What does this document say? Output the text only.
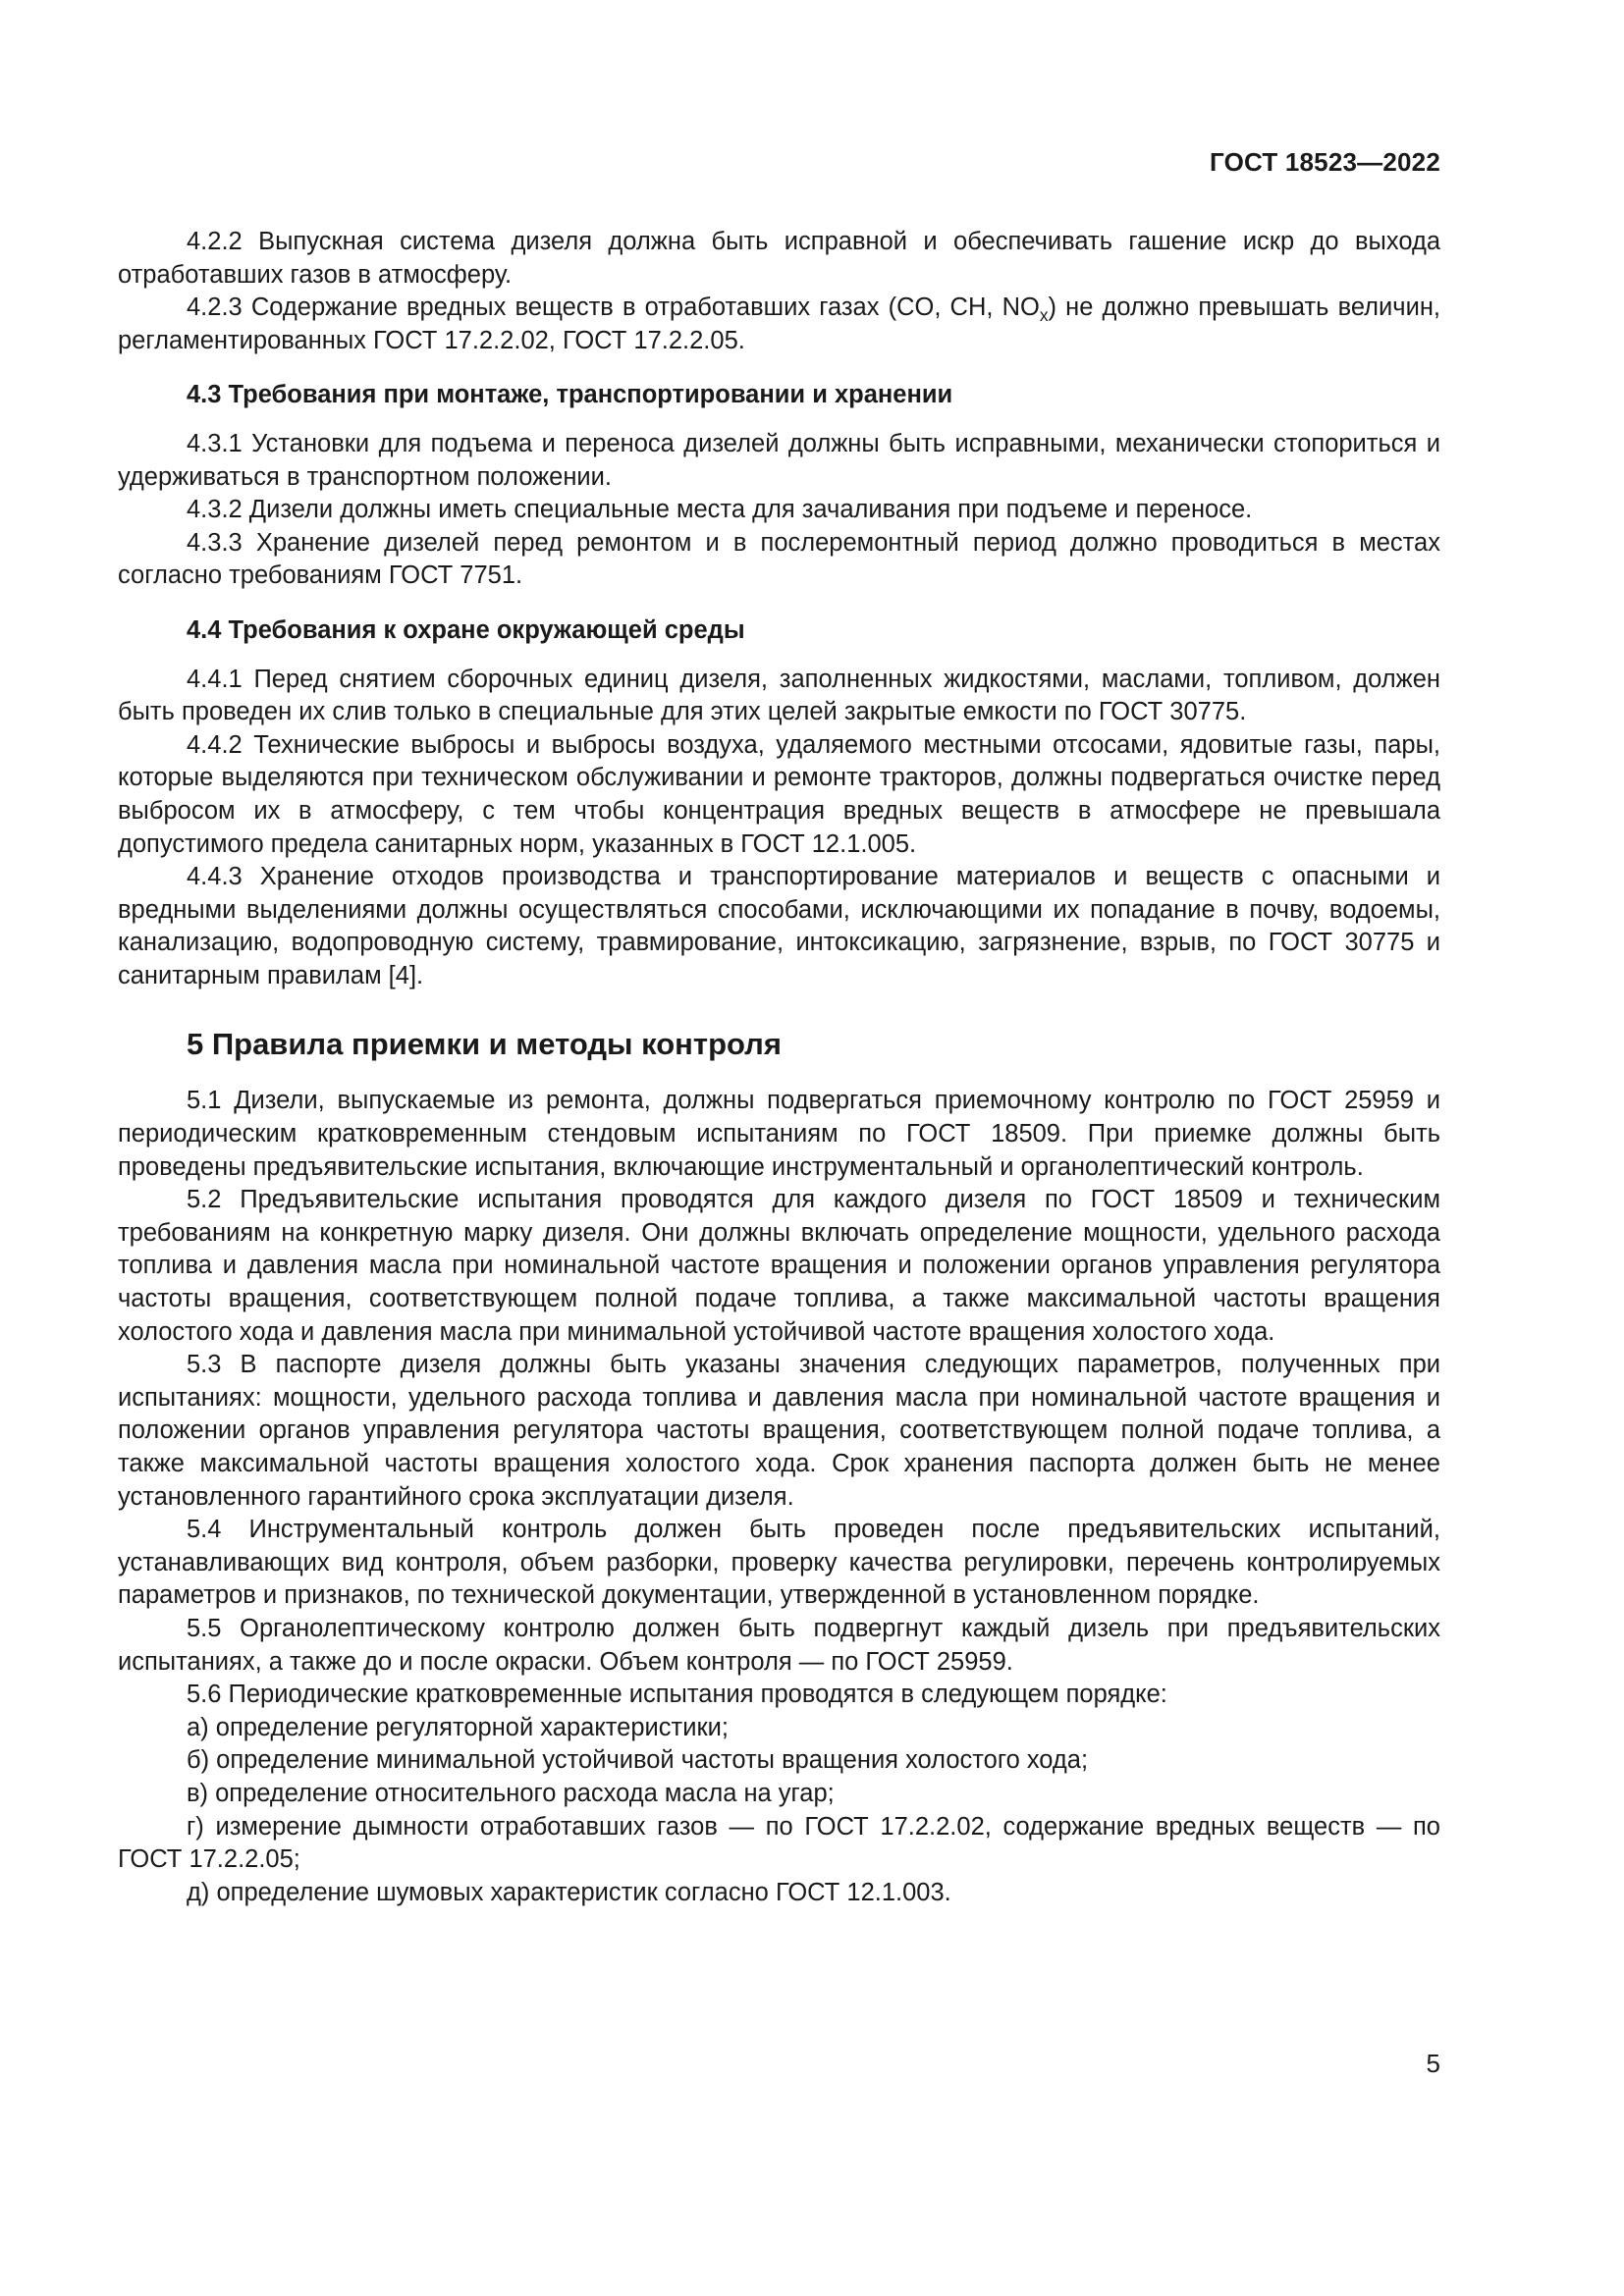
ГОСТ 18523—2022

4.2.2 Выпускная система дизеля должна быть исправной и обеспечивать гашение искр до выхода отработавших газов в атмосферу.

4.2.3 Содержание вредных веществ в отработавших газах (CO, CH, $NO_x$) не должно превышать величин, регламентированных ГОСТ 17.2.2.02, ГОСТ 17.2.2.05.

4.3 Требования при монтаже, транспортировании и хранении

4.3.1 Установки для подъема и переноса дизелей должны быть исправными, механически стопориться и удерживаться в транспортном положении.

4.3.2 Дизели должны иметь специальные места для зачаливания при подъеме и переносе.

4.3.3 Хранение дизелей перед ремонтом и в послеремонтный период должно проводиться в местах согласно требованиям ГОСТ 7751.

4.4 Требования к охране окружающей среды

4.4.1 Перед снятием сборочных единиц дизеля, заполненных жидкостями, маслами, топливом, должен быть проведен их слив только в специальные для этих целей закрытые емкости по ГОСТ 30775.

4.4.2 Технические выбросы и выбросы воздуха, удаляемого местными отсосами, ядовитые газы, пары, которые выделяются при техническом обслуживании и ремонте тракторов, должны подвергаться очистке перед выбросом их в атмосферу, с тем чтобы концентрация вредных веществ в атмосфере не превышала допустимого предела санитарных норм, указанных в ГОСТ 12.1.005.

4.4.3 Хранение отходов производства и транспортирование материалов и веществ с опасными и вредными выделениями должны осуществляться способами, исключающими их попадание в почву, водоемы, канализацию, водопроводную систему, травмирование, интоксикацию, загрязнение, взрыв, по ГОСТ 30775 и санитарным правилам [4].

5 Правила приемки и методы контроля

5.1 Дизели, выпускаемые из ремонта, должны подвергаться приемочному контролю по ГОСТ 25959 и периодическим кратковременным стендовым испытаниям по ГОСТ 18509. При приемке должны быть проведены предъявительские испытания, включающие инструментальный и органолептический контроль.

5.2 Предъявительские испытания проводятся для каждого дизеля по ГОСТ 18509 и техническим требованиям на конкретную марку дизеля. Они должны включать определение мощности, удельного расхода топлива и давления масла при номинальной частоте вращения и положении органов управления регулятора частоты вращения, соответствующем полной подаче топлива, а также максимальной частоты вращения холостого хода и давления масла при минимальной устойчивой частоте вращения холостого хода.

5.3 В паспорте дизеля должны быть указаны значения следующих параметров, полученных при испытаниях: мощности, удельного расхода топлива и давления масла при номинальной частоте вращения и положении органов управления регулятора частоты вращения, соответствующем полной подаче топлива, а также максимальной частоты вращения холостого хода. Срок хранения паспорта должен быть не менее установленного гарантийного срока эксплуатации дизеля.

5.4 Инструментальный контроль должен быть проведен после предъявительских испытаний, устанавливающих вид контроля, объем разборки, проверку качества регулировки, перечень контролируемых параметров и признаков, по технической документации, утвержденной в установленном порядке.

5.5 Органолептическому контролю должен быть подвергнут каждый дизель при предъявительских испытаниях, а также до и после окраски. Объем контроля — по ГОСТ 25959.

5.6 Периодические кратковременные испытания проводятся в следующем порядке:

а) определение регуляторной характеристики;

б) определение минимальной устойчивой частоты вращения холостого хода;

в) определение относительного расхода масла на угар;

г) измерение дымности отработавших газов — по ГОСТ 17.2.2.02, содержание вредных веществ — по ГОСТ 17.2.2.05;

д) определение шумовых характеристик согласно ГОСТ 12.1.003.

5
